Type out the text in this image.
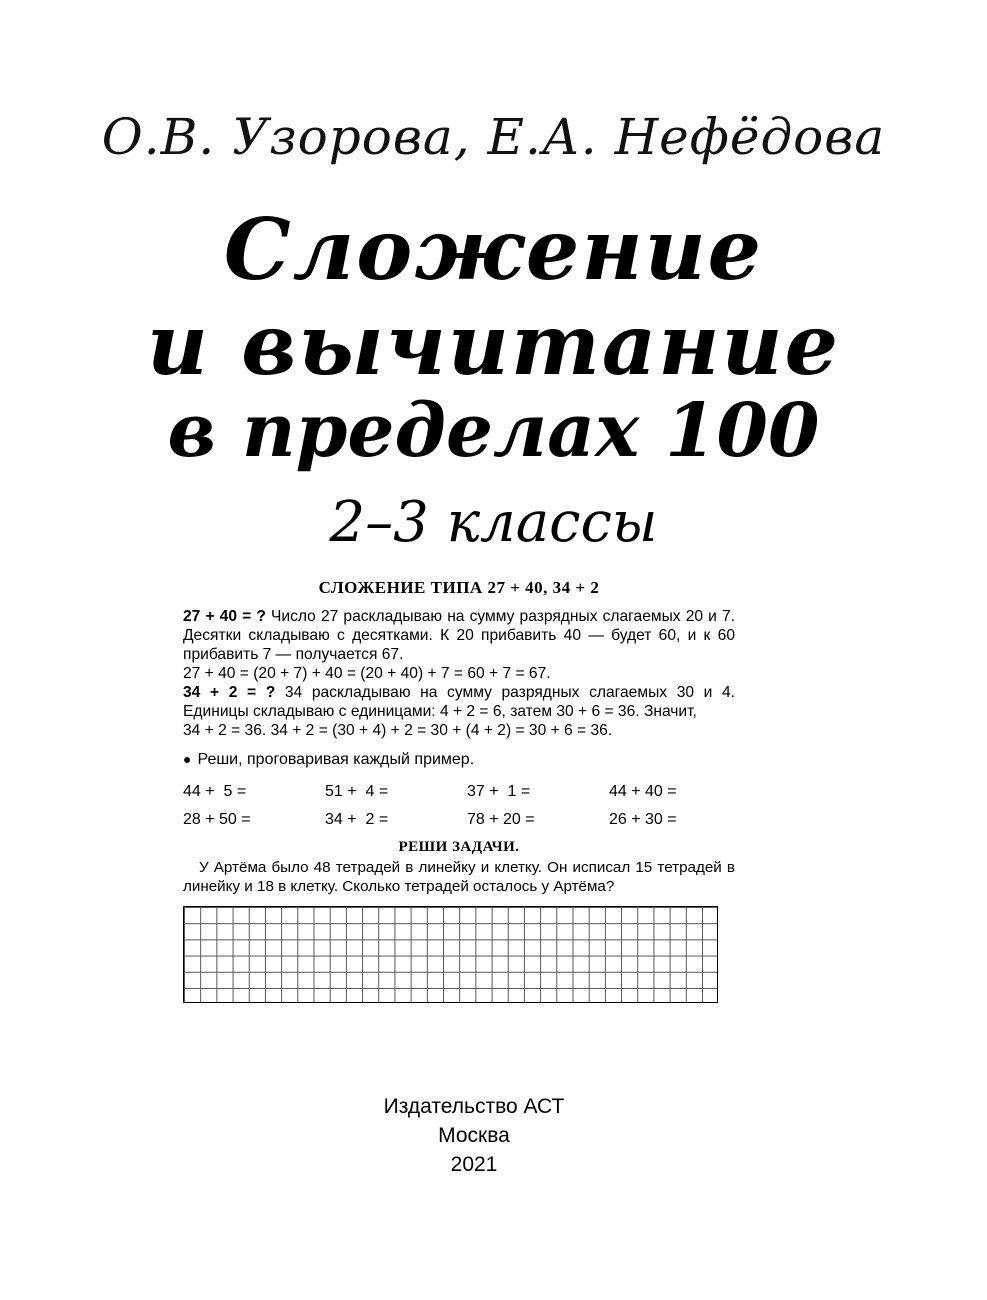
О.В. Узорова, Е.А. Нефёдова
Сложение
и вычитание
в пределах 100
2–3 классы
СЛОЖЕНИЕ ТИПА 27 + 40, 34 + 2

27 + 40 = ? Число 27 раскладываю на сумму разрядных слагаемых 20 и 7. Десятки складываю с десятками. К 20 прибавить 40 — будет 60, и к 60 прибавить 7 — получается 67.

27 + 40 = (20 + 7) + 40 = (20 + 40) + 7 = 60 + 7 = 67.

34 + 2 = ? 34 раскладываю на сумму разрядных слагаемых 30 и 4. Единицы складываю с единицами: 4 + 2 = 6, затем 30 + 6 = 36. Значит,

34 + 2 = 36. 34 + 2 = (30 + 4) + 2 = 30 + (4 + 2) = 30 + 6 = 36.

● Реши, проговаривая каждый пример.
44 +  5 =	51 +  4 =	37 +  1 =	44 + 40 =
28 + 50 =	34 +  2 =	78 + 20 =	26 + 30 =
РЕШИ ЗАДАЧИ.

У Артёма было 48 тетрадей в линейку и клетку. Он исписал 15 тетрадей в линейку и 18 в клетку. Сколько тетрадей осталось у Артёма?

Издательство АСТ
Москва
2021
